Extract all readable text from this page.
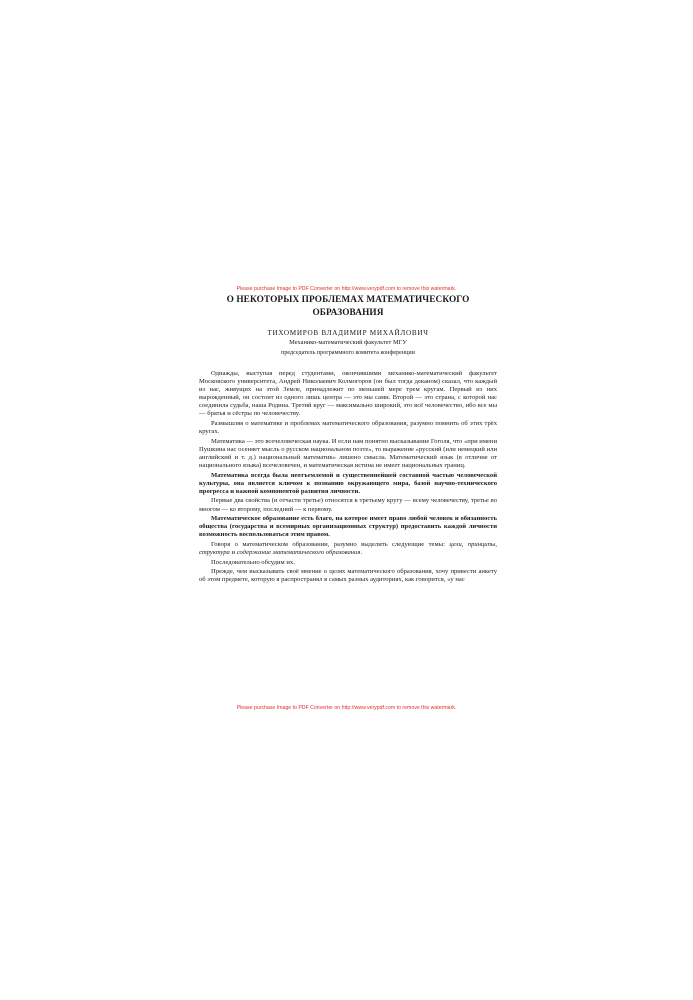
Please purchase Image to PDF Converter on http://www.verypdf.com to remove this watermark.
О НЕКОТОРЫХ ПРОБЛЕМАХ МАТЕМАТИЧЕСКОГО
ОБРАЗОВАНИЯ
ТИХОМИРОВ ВЛАДИМИР МИХАЙЛОВИЧ
Механико-математический факультет МГУ
председатель программного комитета конференции

Однажды, выступая перед студентами, окончившими механико-математический факультет Московского университета, Андрей Николаевич Колмогоров (он был тогда деканом) сказал, что каждый из нас, живущих на этой Земле, принадлежит по меньшей мере трем кругам. Первый из них вырожденный, он состоит из одного лишь центра — это мы сами. Второй — это страна, с которой нас соединила судьба, наша Родина. Третий круг — максимально широкий, это всё человечество, ибо все мы — братья и сёстры по человечеству.

Размышляя о математике и проблемах математического образования, разумно помнить об этих трёх кругах.

Математика — это всечеловеческая наука. И если нам понятно высказывание Гоголя, что «при имени Пушкина нас осеняет мысль о русском национальном поэте», то выражение «русский (или немецкий или английский и т. д.) национальный математик» лишено смысла. Математический язык (в отличие от национального языка) всечеловечен, и математическая истина не имеет национальных границ.

Математика всегда была неотъемлемой и существеннейшей составной частью человеческой культуры, она является ключом к познанию окружающего мира, базой научно-технического прогресса и важной компонентой развития личности.

Первые два свойства (и отчасти третье) относятся к третьему кругу — всему человечеству, третье во многом — ко второму, последний — к первому.

Математическое образование есть благо, на которое имеет право любой человек и обязанность общества (государства и всемирных организационных структур) предоставить каждой личности возможность воспользоваться этим правом.

Говоря о математическом образовании, разумно выделить следующие темы: цели, принципы, структура и содержание математического образования.

Последовательно обсудим их.

Прежде, чем высказывать своё мнение о целях математического образования, хочу привести анкету об этом предмете, которую я распространял в самых разных аудиториях, как говорится, «у нас

Please purchase Image to PDF Converter on http://www.verypdf.com to remove this watermark.
